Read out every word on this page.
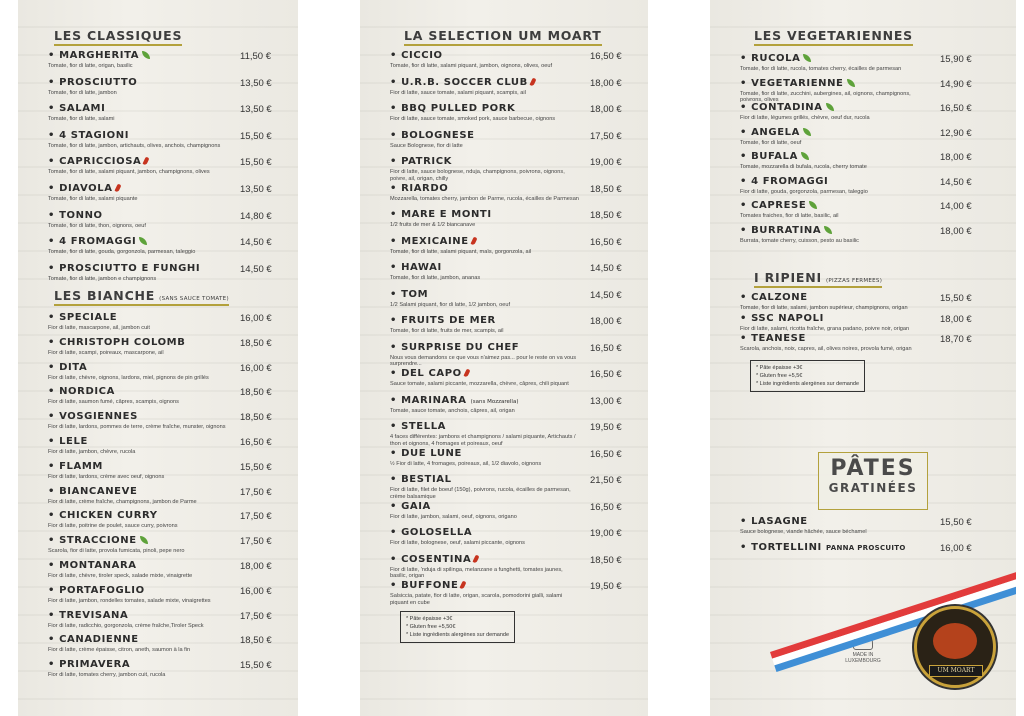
LES CLASSIQUES
• MARGHERITA
Tomate, fior di latte, origan, basilic
11,50 €
• PROSCIUTTO
Tomate, fior di latte, jambon
13,50 €
• SALAMI
Tomate, fior di latte, salami
13,50 €
• 4 STAGIONI
Tomate, fior di latte, jambon, artichauts, olives, anchois, champignons
15,50 €
• CAPRICCIOSA
Tomate, fior di latte, salami piquant, jambon, champignons, olives
15,50 €
• DIAVOLA
Tomate, fior di latte, salami piquante
13,50 €
• TONNO
Tomate, fior di latte, thon, oignons, oeuf
14,80 €
• 4 FROMAGGI
Tomate, fior di latte, gouda, gorgonzola, parmesan, taleggio
14,50 €
• PROSCIUTTO E FUNGHI
Tomate, fior di latte, jambon e champignons
14,50 €
LES BIANCHE (SANS SAUCE TOMATE)
• SPECIALE
Fior di latte, mascarpone, ail, jambon cuit
16,00 €
• CHRISTOPH COLOMB
Fior di latte, scampi, poireaux, mascarpone, ail
18,50 €
• DITA
Fior di latte, chèvre, oignons, lardons, miel, pignons de pin grillés
16,00 €
• NORDICA
Fior di latte, saumon fumé, câpres, scampis, oignons
18,50 €
• VOSGIENNES
Fior di latte, lardons, pommes de terre, crème fraîche, munster, oignons
18,50 €
• LELE
Fior di latte, jambon, chèvre, rucola
16,50 €
• FLAMM
Fior di latte, lardons, crème avec oeuf, oignons
15,50 €
• BIANCANEVE
Fior di latte, crème fraîche, champignons, jambon de Parme
17,50 €
• CHICKEN CURRY
Fior di latte, poitrine de poulet, sauce curry, poivrons
17,50 €
• STRACCIONE
Scarola, fior di latte, provola fumicata, pinoli, pepe nero
17,50 €
• MONTANARA
Fior di latte, chèvre, tiroler speck, salade mixte, vinaigrette
18,00 €
• PORTAFOGLIO
Fior di latte, jambon, rondelles tomates, salade mixte, vinaigrettes
16,00 €
• TREVISANA
Fior di latte, radicchio, gorgonzola, crème fraîche,Tiroler Speck
17,50 €
• CANADIENNE
Fior di latte, crème épaisse, citron, aneth, saumon à la fin
18,50 €
• PRIMAVERA
Fior di latte, tomates cherry, jambon cuit, rucola
15,50 €
LA SELECTION UM MOART
• CICCIO
Tomate, fior di latte, salami piquant, jambon, oignons, olives, oeuf
16,50 €
• U.R.B. SOCCER CLUB
Fior di latte, sauce tomate, salami piquant, scampis, ail
18,00 €
• BBQ PULLED PORK
Fior di latte, sauce tomate, smoked pork, sauce barbecue, oignons
18,00 €
• BOLOGNESE
Sauce Bolognese, fior di latte
17,50 €
• PATRICK
Fior di latte, sauce bolognese, nduja, champignons, poivrons, oignons, poivre, ail, origan, chilly
19,00 €
• RIARDO
Mozzarella, tomates cherry, jambon de Parme, rucola, écailles de Parmesan
18,50 €
• MARE E MONTI
1/2 fruits de mer & 1/2 biancanave
18,50 €
• MEXICAINE
Tomate, fior di latte, salami piquant, maïs, gorgonzola, ail
16,50 €
• HAWAI
Tomate, fior di latte, jambon, ananas
14,50 €
• TOM
1/2 Salami piquant, fior di latte, 1/2 jambon, oeuf
14,50 €
• FRUITS DE MER
Tomate, fior di latte, fruits de mer, scampis, ail
18,00 €
• SURPRISE DU CHEF
Nous vous demandons ce que vous n'aimez pas... pour le reste on va vous surprendre...
16,50 €
• DEL CAPO
Sauce tomate, salami piccante, mozzarella, chèvre, câpres, chili piquant
16,50 €
• MARINARA (sans Mozzarella)
Tomate, sauce tomate, anchois, câpres, ail, origan
13,00 €
• STELLA
4 faces différentes: jambons et champignons / salami piquante, Artichauts / thon et oignons, 4 fromages et poireaux, oeuf
19,50 €
• DUE LUNE
½ Fior di latte, 4 fromages, poireaux, ail, 1/2 diavolo, oignons
16,50 €
• BESTIAL
Fior di latte, filet de boeuf (150g), poivrons, rucola, écailles de parmesan, crème balsamique
21,50 €
• GAIA
Fior di latte, jambon, salami, oeuf, oignons, origano
16,50 €
• GOLOSELLA
Fior di latte, bolognese, oeuf, salami piccante, oignons
19,00 €
• COSENTINA
Fior di latte, 'nduja di spilinga, melanzane a funghetti, tomates jaunes, basilic, origan
18,50 €
• BUFFONE
Salsiccia, patate, fior di latte, origan, scarola, pomodorini gialli, salami piquant en cube
19,50 €
* Pâte épaisse +3€
* Gluten free +5,50€
* Liste ingrédients alergènes sur demande
LES VEGETARIENNES
• RUCOLA
Tomate, fior di latte, rucola, tomates cherry, écailles de parmesan
15,90 €
• VEGETARIENNE
Tomate, fior di latte, zucchini, aubergines, ail, oignons, champignons, poivrons, olives
14,90 €
• CONTADINA
Fior di latte, légumes grillés, chèvre, oeuf dur, rucola
16,50 €
• ANGELA
Tomate, fior di latte, oeuf
12,90 €
• BUFALA
Tomate, mozzarella di bufala, rucola, cherry tomate
18,00 €
• 4 FROMAGGI
Fior di latte, gouda, gorgonzola, parmesan, taleggio
14,50 €
• CAPRESE
Tomates fraiches, fior di latte, basilic, ail
14,00 €
• BURRATINA
Burrata, tomate cherry, cuisson, pesto au basilic
18,00 €
I RIPIENI (PIZZAS FERMEES)
• CALZONE
Tomate, fior di latte, salami, jambon supérieur, champignons, origan
15,50 €
• SSC NAPOLI
Fior di latte, salami, ricotta fraîche, grana padano, poivre noir, origan
18,00 €
• TEANESE
Scarola, anchois, noix, capres, ail, olives noires, provola fumé, origan
18,70 €
* Pâte épaisse +3€
* Gluten free +5,5€
* Liste ingrédients alergènes sur demande
PÂTES
GRATINÉES
• LASAGNE
Sauce bolognese, viande hâchée, sauce béchamel
15,50 €
• TORTELLINI PANNA PROSCUITO	16,00 €
MADE IN LUXEMBOURG
UM MOART
